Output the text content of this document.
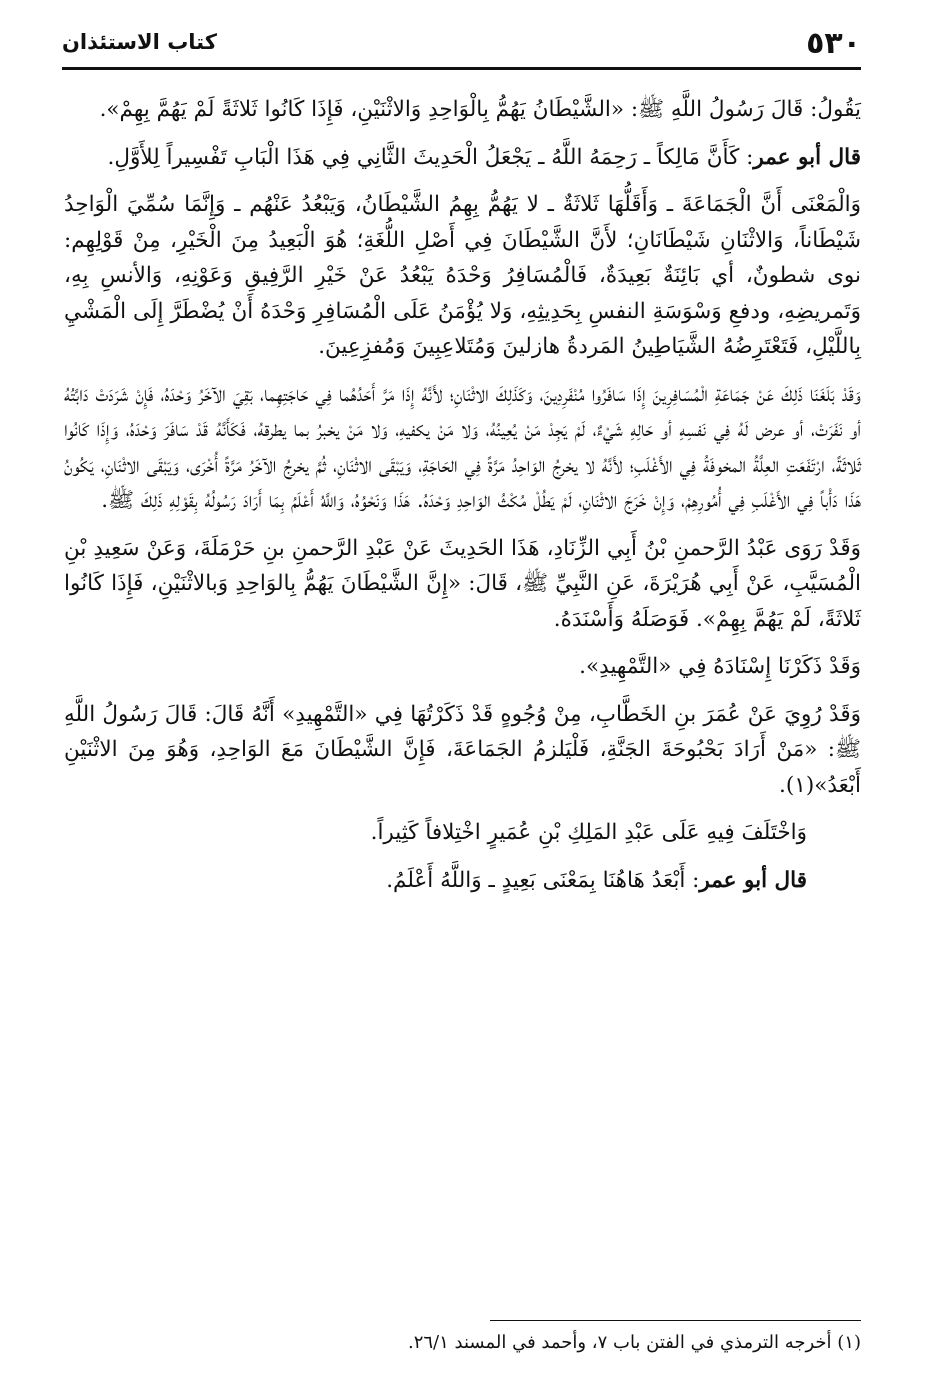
٥٣٠
كتاب الاستئذان

يَقُولُ: قَالَ رَسُولُ اللَّهِ ﷺ: «الشَّيْطَانُ يَهُمُّ بِالْوَاحِدِ وَالاثْنَيْنِ، فَإِذَا كَانُوا ثَلاثَةً لَمْ يَهُمَّ بِهِمْ».

قال أبو عمر: كَأَنَّ مَالِكاً ـ رَحِمَهُ اللَّهُ ـ يَجْعَلُ الْحَدِيثَ الثَّانِي فِي هَذَا الْبَابِ تَفْسِيراً لِلأَوَّلِ.

وَالْمَعْنَى أَنَّ الْجَمَاعَةَ ـ وَأَقَلُّهَا ثَلاثَةٌ ـ لا يَهُمُّ بِهِمُ الشَّيْطَانُ، وَيَبْعُدُ عَنْهُم ـ وَإِنَّمَا سُمِّيَ الْوَاحِدُ شَيْطَاناً، وَالاثْنَانِ شَيْطَانَانِ؛ لأَنَّ الشَّيْطَانَ فِي أَصْلِ اللُّغَةِ؛ هُوَ الْبَعِيدُ مِنَ الْخَيْرِ، مِنْ قَوْلِهِم: نوى شطونٌ، أي بَائِنَةٌ بَعِيدَةٌ، فَالْمُسَافِرُ وَحْدَهُ يَبْعُدُ عَنْ خَيْرِ الرَّفِيقِ وَعَوْنِهِ، وَالأنسِ بِهِ، وَتَمريضِهِ، ودفعِ وَسْوَسَةِ النفسِ بِحَدِيثِهِ، وَلا يُؤْمَنُ عَلَى الْمُسَافِرِ وَحْدَهُ أَنْ يُضْطَرَّ إِلَى الْمَشْيِ بِاللَّيْلِ، فَتَعْتَرِضُهُ الشَّيَاطِينُ المَردةُ هازلينَ وَمُتَلاعِبِينَ وَمُفزِعِينَ.

وَقَدْ بَلَغَنَا ذَلِكَ عَنْ جَمَاعَةِ الْمُسَافِرِينَ إِذَا سَافَرُوا مُنْفَرِدِينَ، وَكَذَلِكَ الاثْنَانِ؛ لأَنَّهُ إِذَا مَرَّ أَحَدُهُما فِي حَاجَتِهِما، بَقِيَ الآخَرُ وَحْدَهُ، فَإِنْ شَرَدَتْ دَابَّتُهُ أو نَفَرَتْ، أو عرض لَهُ فِي نَفسِهِ أو حَالِهِ شَيْءٌ، لَمْ يَجِدْ مَنْ يُعِينُهُ، وَلا مَنْ يكفيهِ، وَلا مَنْ يخبرُ بما يطرقهُ، فَكَأَنَّهُ قَدْ سَافَرَ وَحْدَهُ، وَإِذَا كَانُوا ثَلاثَةً، ارْتَفَعَتِ العِلَّةُ المخوفَةُ فِي الأَغْلَبِ؛ لأَنَّهُ لا يخرجُ الوَاحِدُ مَرَّةً فِي الحَاجَةِ، وَيَبْقَى الاثْنَانِ، ثُمَّ يخرجُ الآخَرُ مَرَّةً أُخْرَى، وَيَبْقَى الاثْنَانِ، يَكُونُ هَذَا دَأْباً فِي الأَغْلَبِ فِي أُمُورِهِمْ، وَإِنْ خَرَجَ الاثْنَانِ، لَمْ يَطُلْ مُكْثُ الوَاحِدِ وَحْدَهُ. هَذَا وَنَحْوُهُ، وَاللَّهُ أَعْلَمُ بِمَا أَرَادَ رَسُولُهُ بِقَوْلِهِ ذَلِكَ ﷺ.

وَقَدْ رَوَى عَبْدُ الرَّحمنِ بْنُ أَبِي الزِّنَادِ، هَذَا الحَدِيثَ عَنْ عَبْدِ الرَّحمنِ بنِ حَرْمَلَةَ، وَعَنْ سَعِيدِ بْنِ الْمُسَيَّبِ، عَنْ أَبِي هُرَيْرَةَ، عَنِ النَّبِيِّ ﷺ، قَالَ: «إِنَّ الشَّيْطَانَ يَهُمُّ بِالوَاحِدِ وَبالاثْنَيْنِ، فَإِذَا كَانُوا ثَلاثَةً، لَمْ يَهُمَّ بِهِمْ». فَوَصَلَهُ وَأَسْنَدَهُ.

وَقَدْ ذَكَرْنَا إِسْنَادَهُ فِي «التَّمْهِيدِ».

وَقَدْ رُوِيَ عَنْ عُمَرَ بنِ الخَطَّابِ، مِنْ وُجُوهٍ قَدْ ذَكَرْتُهَا فِي «التَّمْهِيدِ» أَنَّهُ قَالَ: قَالَ رَسُولُ اللَّهِ ﷺ: «مَنْ أَرَادَ بَحْبُوحَةَ الجَنَّةِ، فَلْيَلزمُ الجَمَاعَةَ، فَإِنَّ الشَّيْطَانَ مَعَ الوَاحِدِ، وَهُوَ مِنَ الاثْنَيْنِ أَبْعَدُ»(١).

وَاخْتَلَفَ فِيهِ عَلَى عَبْدِ المَلِكِ بْنِ عُمَيرٍ اخْتِلافاً كَثِيراً.

قال أبو عمر: أَبْعَدُ هَاهُنَا بِمَعْنَى بَعِيدٍ ـ وَاللَّهُ أَعْلَمُ.

(١) أخرجه الترمذي في الفتن باب ٧، وأحمد في المسند ٢٦/١.
